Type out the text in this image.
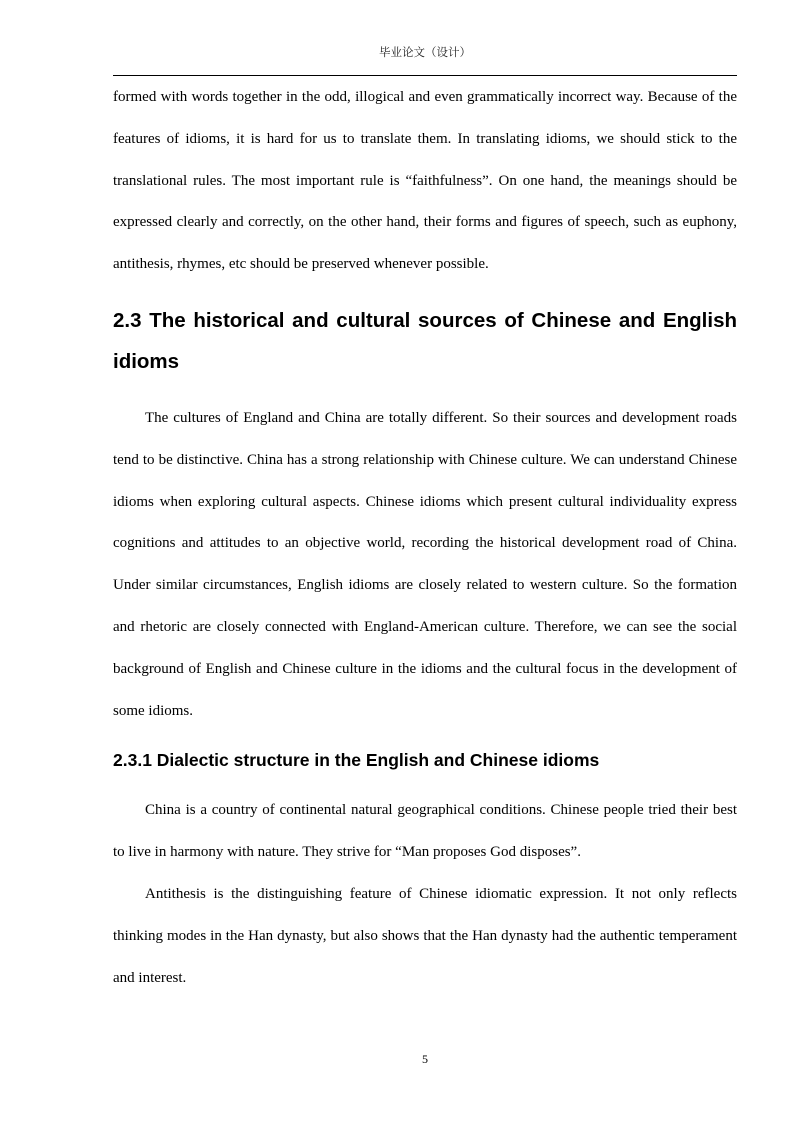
毕业论文（设计）

formed with words together in the odd, illogical and even grammatically incorrect way. Because of the features of idioms, it is hard for us to translate them. In translating idioms, we should stick to the translational rules. The most important rule is “faithfulness”. On one hand, the meanings should be expressed clearly and correctly, on the other hand, their forms and figures of speech, such as euphony, antithesis, rhymes, etc should be preserved whenever possible.

2.3 The historical and cultural sources of Chinese and English idioms

The cultures of England and China are totally different. So their sources and development roads tend to be distinctive. China has a strong relationship with Chinese culture. We can understand Chinese idioms when exploring cultural aspects. Chinese idioms which present cultural individuality express cognitions and attitudes to an objective world, recording the historical development road of China. Under similar circumstances, English idioms are closely related to western culture. So the formation and rhetoric are closely connected with England-American culture. Therefore, we can see the social background of English and Chinese culture in the idioms and the cultural focus in the development of some idioms.

2.3.1 Dialectic structure in the English and Chinese idioms

China is a country of continental natural geographical conditions. Chinese people tried their best to live in harmony with nature. They strive for “Man proposes God disposes”.

Antithesis is the distinguishing feature of Chinese idiomatic expression. It not only reflects thinking modes in the Han dynasty, but also shows that the Han dynasty had the authentic temperament and interest.

5
